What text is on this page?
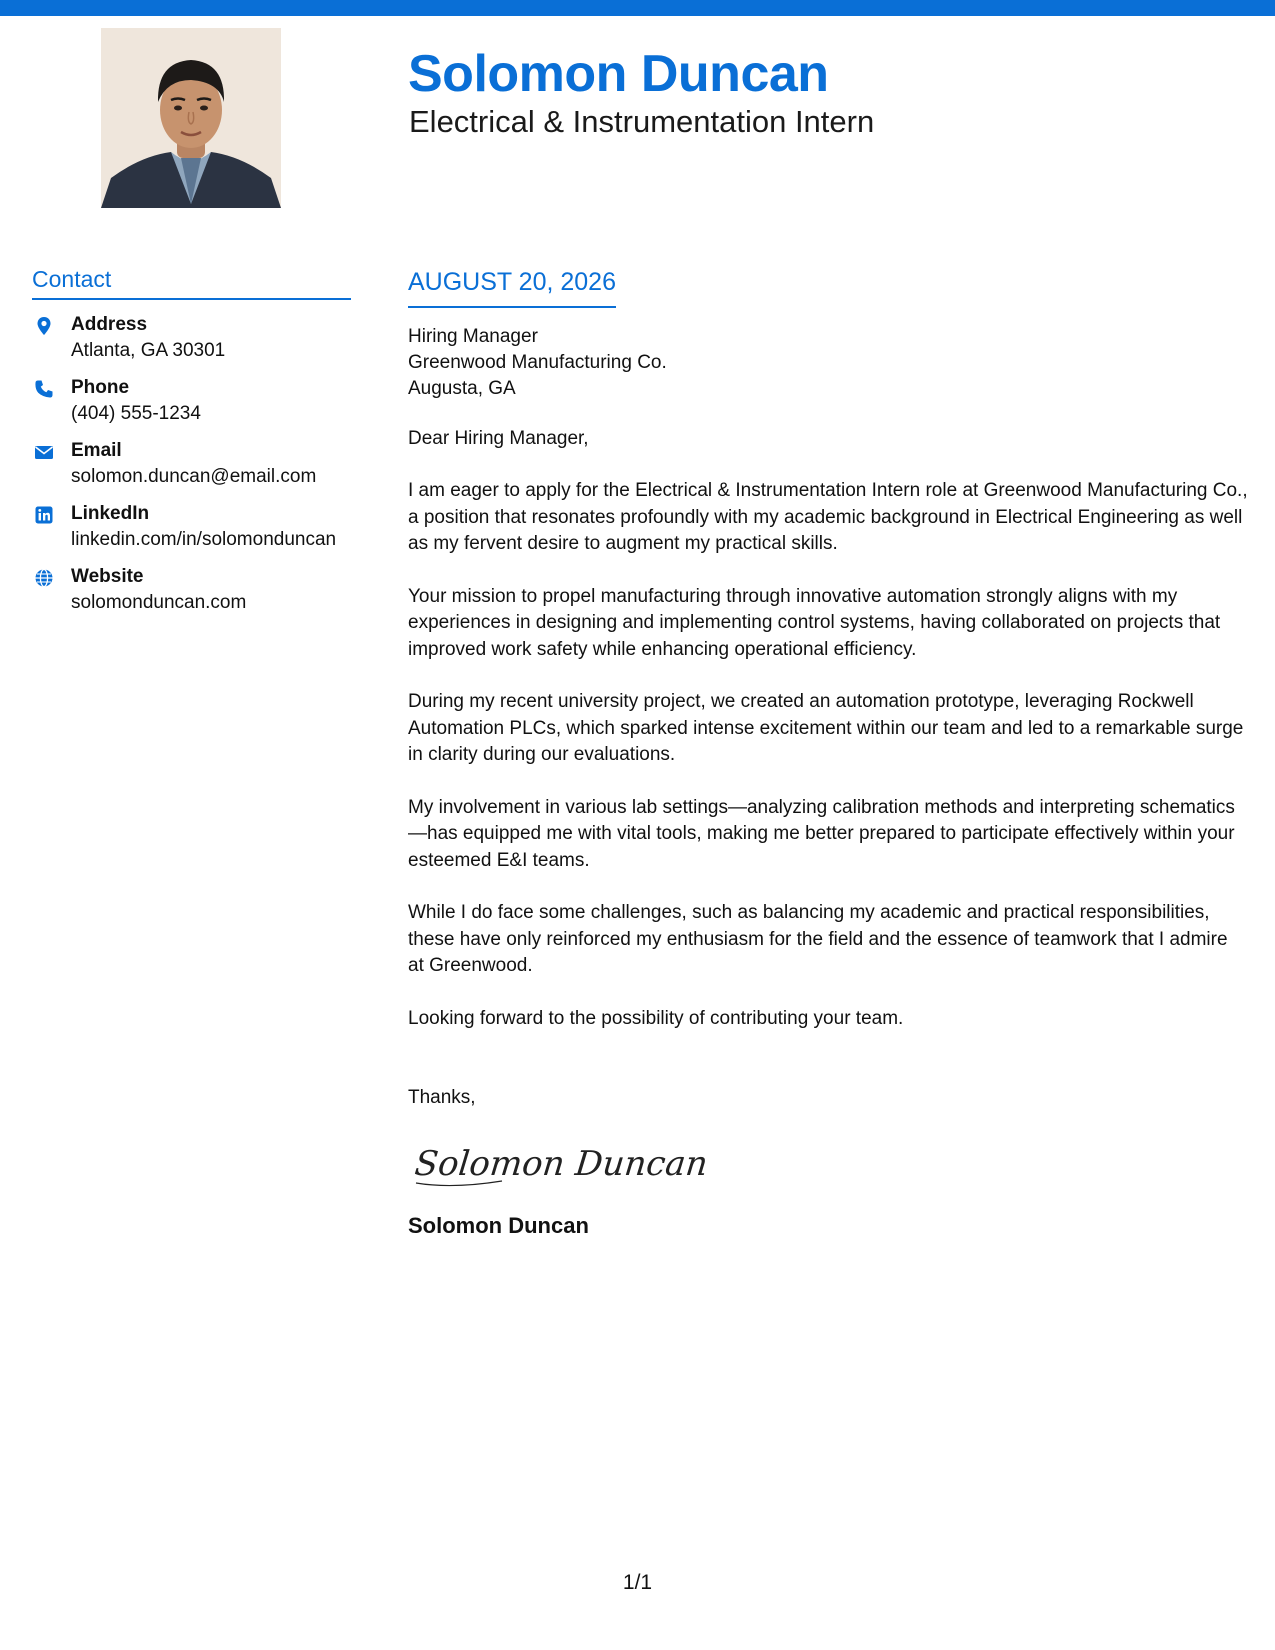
Solomon Duncan
Electrical & Instrumentation Intern
Contact
Address
Atlanta, GA 30301
Phone
(404) 555-1234
Email
solomon.duncan@email.com
LinkedIn
linkedin.com/in/solomonduncan
Website
solomonduncan.com
AUGUST 20, 2026
Hiring Manager
Greenwood Manufacturing Co.
Augusta, GA

Dear Hiring Manager,

I am eager to apply for the Electrical & Instrumentation Intern role at Greenwood Manufacturing Co., a position that resonates profoundly with my academic background in Electrical Engineering as well as my fervent desire to augment my practical skills.

Your mission to propel manufacturing through innovative automation strongly aligns with my experiences in designing and implementing control systems, having collaborated on projects that improved work safety while enhancing operational efficiency.

During my recent university project, we created an automation prototype, leveraging Rockwell Automation PLCs, which sparked intense excitement within our team and led to a remarkable surge in clarity during our evaluations.

My involvement in various lab settings—analyzing calibration methods and interpreting schematics—has equipped me with vital tools, making me better prepared to participate effectively within your esteemed E&I teams.

While I do face some challenges, such as balancing my academic and practical responsibilities, these have only reinforced my enthusiasm for the field and the essence of teamwork that I admire at Greenwood.

Looking forward to the possibility of contributing your team.

Thanks,

Solomon Duncan

Solomon Duncan

1/1
